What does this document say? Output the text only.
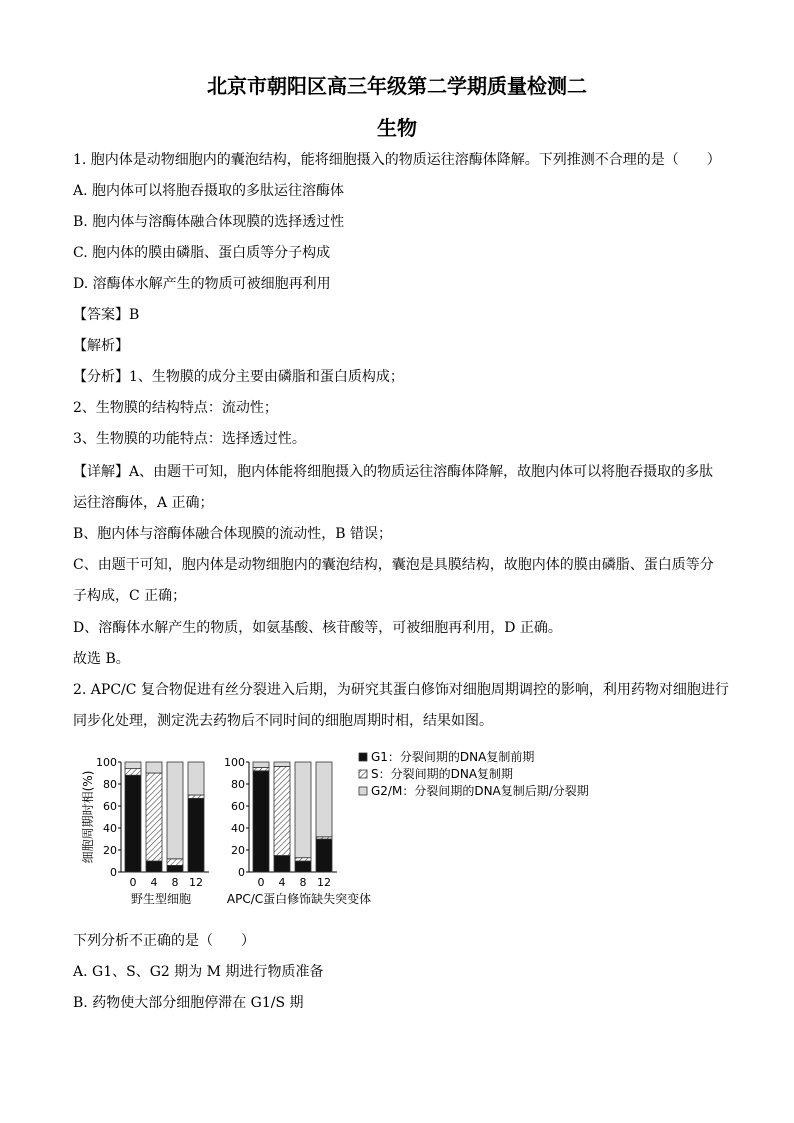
北京市朝阳区高三年级第二学期质量检测二
生物
1. 胞内体是动物细胞内的囊泡结构，能将细胞摄入的物质运往溶酶体降解。下列推测不合理的是（　　）
A. 胞内体可以将胞吞摄取的多肽运往溶酶体
B. 胞内体与溶酶体融合体现膜的选择透过性
C. 胞内体的膜由磷脂、蛋白质等分子构成
D. 溶酶体水解产生的物质可被细胞再利用
【答案】B
【解析】
【分析】1、生物膜的成分主要由磷脂和蛋白质构成；
2、生物膜的结构特点：流动性；
3、生物膜的功能特点：选择透过性。
【详解】A、由题干可知，胞内体能将细胞摄入的物质运往溶酶体降解，故胞内体可以将胞吞摄取的多肽
运往溶酶体，A 正确；
B、胞内体与溶酶体融合体现膜的流动性，B 错误；
C、由题干可知，胞内体是动物细胞内的囊泡结构，囊泡是具膜结构，故胞内体的膜由磷脂、蛋白质等分
子构成，C 正确；
D、溶酶体水解产生的物质，如氨基酸、核苷酸等，可被细胞再利用，D 正确。
故选 B。
2. APC/C 复合物促进有丝分裂进入后期，为研究其蛋白修饰对细胞周期调控的影响，利用药物对细胞进行
同步化处理，测定洗去药物后不同时间的细胞周期时相，结果如图。
细胞周期时相(%)
0
20
40
60
80
100
0 4 8 12
野生型细胞
0
20
40
60
80
100
0 4 8 12
APC/C蛋白修饰缺失突变体
G1：分裂间期的DNA复制前期
S：分裂间期的DNA复制期
G2/M：分裂间期的DNA复制后期/分裂期
下列分析不正确的是（　　）
A. G1、S、G2 期为 M 期进行物质准备
B. 药物使大部分细胞停滞在 G1/S 期
